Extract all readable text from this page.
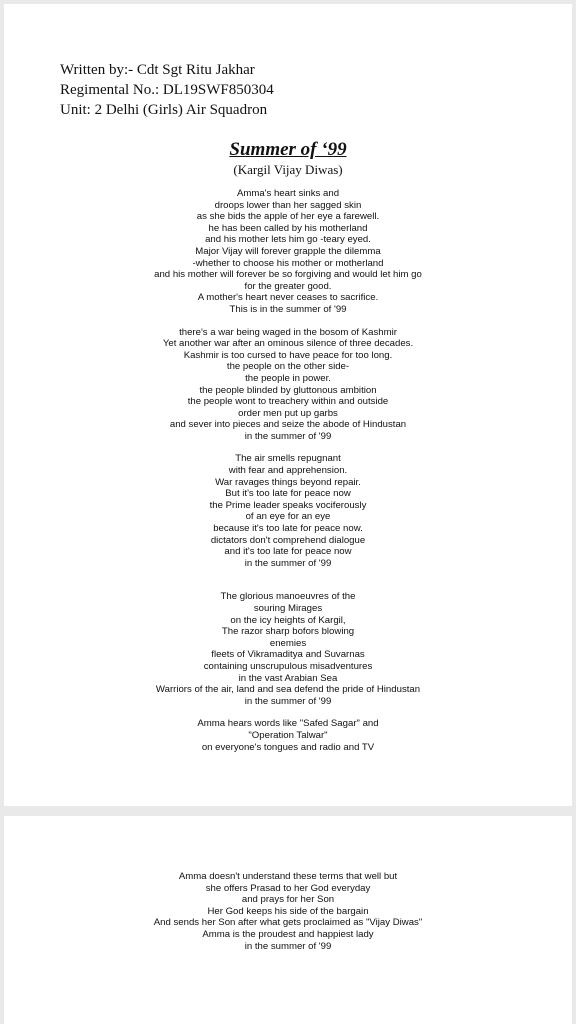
Written by:- Cdt Sgt Ritu Jakhar
Regimental No.: DL19SWF850304
Unit: 2 Delhi (Girls) Air Squadron
Summer of ‘99
(Kargil Vijay Diwas)
Amma's heart sinks and
droops lower than her sagged skin
as she bids the apple of her eye a farewell.
he has been called by his motherland
and his mother lets him go -teary eyed.
Major Vijay will forever grapple the dilemma
-whether to choose his mother or motherland
and his mother will forever be so forgiving and would let him go
for the greater good.
A mother's heart never ceases to sacrifice.
This is in the summer of '99
there's a war being waged in the bosom of Kashmir
Yet another war after an ominous silence of three decades.
Kashmir is too cursed to have peace for too long.
the people on the other side-
the people in power.
the people blinded by gluttonous ambition
the people wont to treachery within and outside
order men put up garbs
and sever into pieces and seize the abode of Hindustan
in the summer of '99
The air smells repugnant
with fear and apprehension.
War ravages things beyond repair.
But it's too late for peace now
the Prime leader speaks vociferously
of an eye for an eye
because it's too late for peace now.
dictators don't comprehend dialogue
and it's too late for peace now
in the summer of '99
The glorious manoeuvres of the
souring Mirages
on the icy heights of Kargil,
The razor sharp bofors blowing
enemies
fleets of Vikramaditya and Suvarnas
containing unscrupulous misadventures
in the vast Arabian Sea
Warriors of the air, land and sea defend the pride of Hindustan
in the summer of '99
Amma hears words like "Safed Sagar" and
"Operation Talwar"
on everyone's tongues and radio and TV
Amma doesn't understand these terms that well but
she offers Prasad to her God everyday
and prays for her Son
Her God keeps his side of the bargain
And sends her Son after what gets proclaimed as "Vijay Diwas"
Amma is the proudest and happiest lady
in the summer of '99
